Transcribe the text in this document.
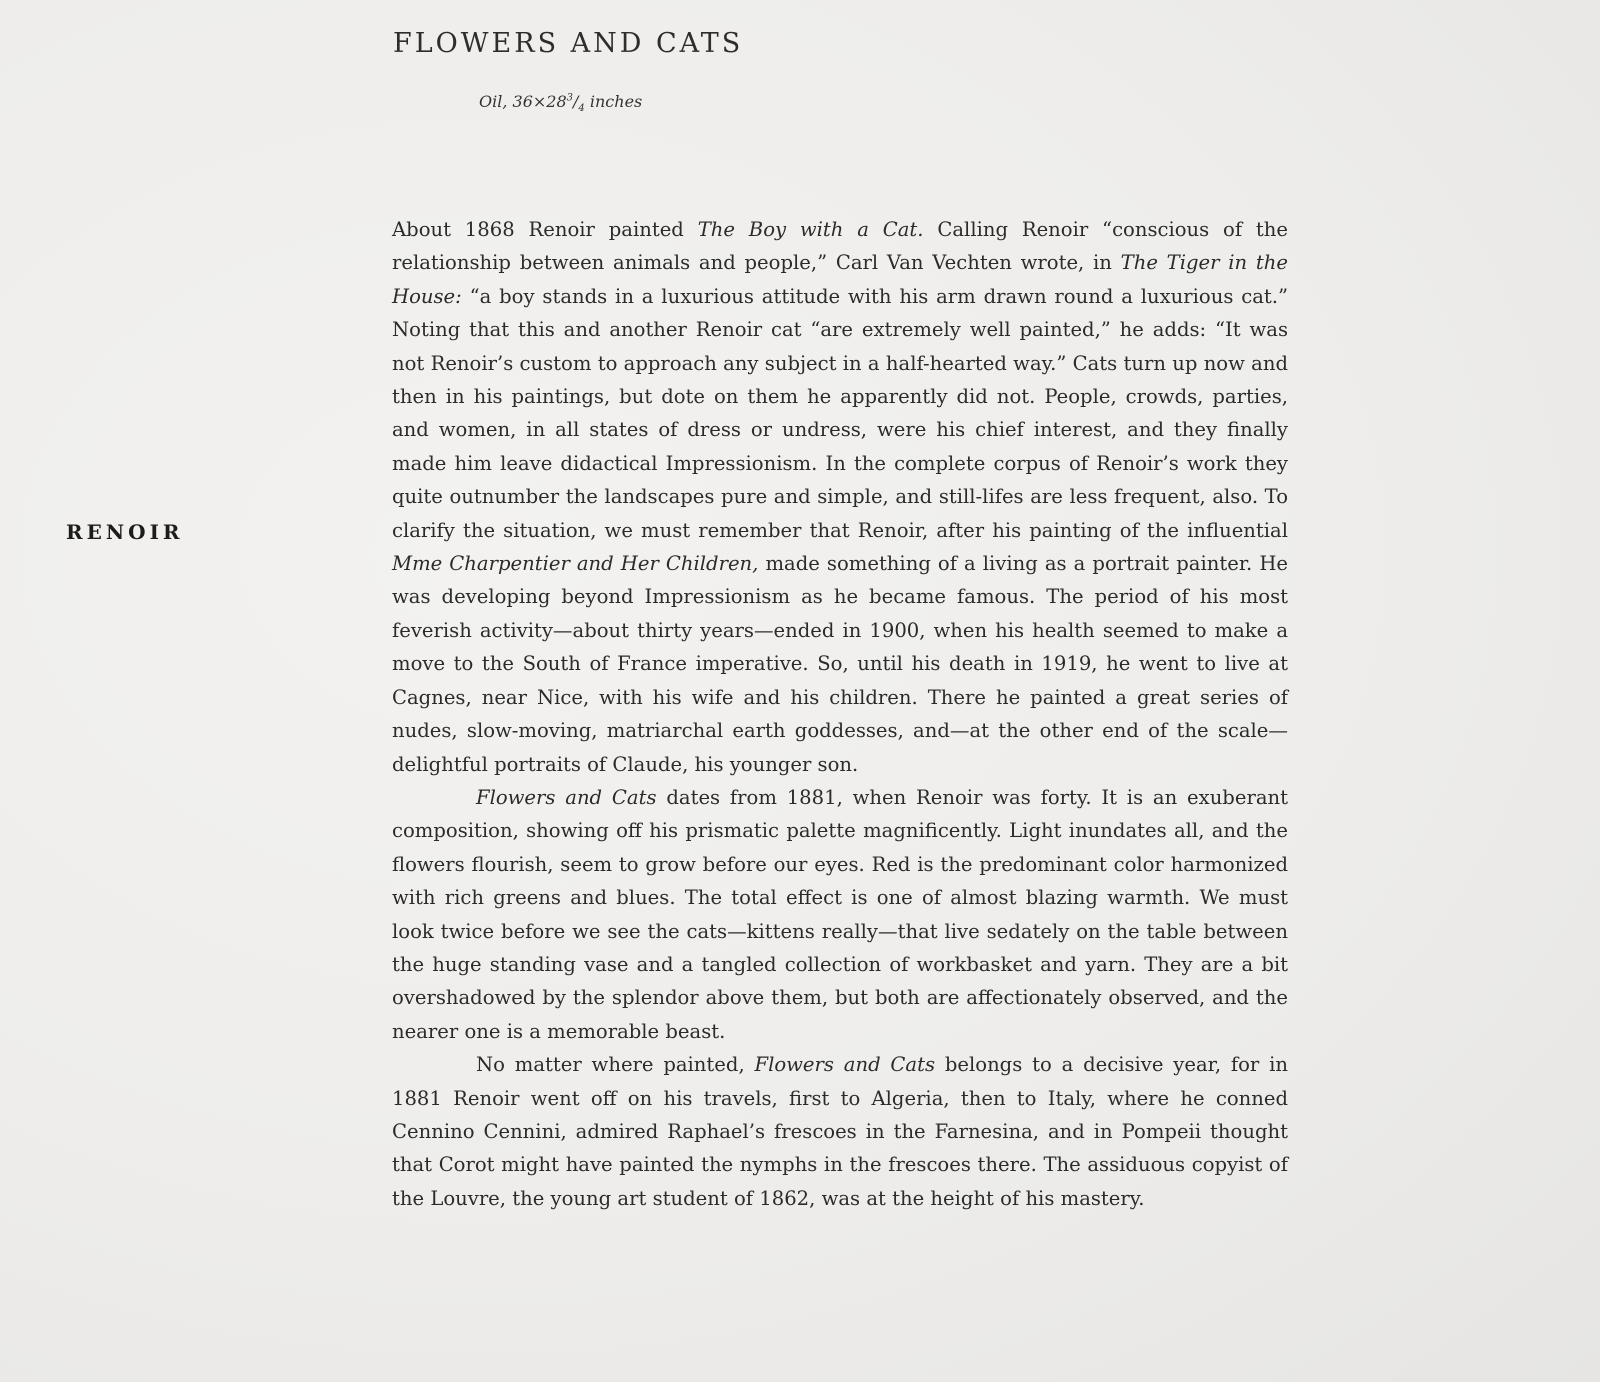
FLOWERS AND CATS
Oil, $36\times 28^3/_4$ inches
RENOIR

About 1868 Renoir painted The Boy with a Cat. Calling Renoir “conscious of the relationship between animals and people,” Carl Van Vechten wrote, in The Tiger in the House: “a boy stands in a luxurious attitude with his arm drawn round a luxurious cat.” Noting that this and another Renoir cat “are extremely well painted,” he adds: “It was not Renoir’s custom to approach any subject in a half-hearted way.” Cats turn up now and then in his paintings, but dote on them he apparently did not. People, crowds, parties, and women, in all states of dress or undress, were his chief interest, and they finally made him leave didactical Impressionism. In the complete corpus of Renoir’s work they quite outnumber the landscapes pure and simple, and still-lifes are less frequent, also. To clarify the situation, we must remember that Renoir, after his painting of the influential Mme Charpentier and Her Children, made something of a living as a portrait painter. He was developing beyond Impressionism as he became famous. The period of his most feverish activity—about thirty years—ended in 1900, when his health seemed to make a move to the South of France imperative. So, until his death in 1919, he went to live at Cagnes, near Nice, with his wife and his children. There he painted a great series of nudes, slow-moving, matriarchal earth goddesses, and—at the other end of the scale—delightful portraits of Claude, his younger son.

Flowers and Cats dates from 1881, when Renoir was forty. It is an exuberant composition, showing off his prismatic palette magnificently. Light inundates all, and the flowers flourish, seem to grow before our eyes. Red is the predominant color harmonized with rich greens and blues. The total effect is one of almost blazing warmth. We must look twice before we see the cats—kittens really—that live sedately on the table between the huge standing vase and a tangled collection of workbasket and yarn. They are a bit overshadowed by the splendor above them, but both are affectionately observed, and the nearer one is a memorable beast.

No matter where painted, Flowers and Cats belongs to a decisive year, for in 1881 Renoir went off on his travels, first to Algeria, then to Italy, where he conned Cennino Cennini, admired Raphael’s frescoes in the Farnesina, and in Pompeii thought that Corot might have painted the nymphs in the frescoes there. The assiduous copyist of the Louvre, the young art student of 1862, was at the height of his mastery.
